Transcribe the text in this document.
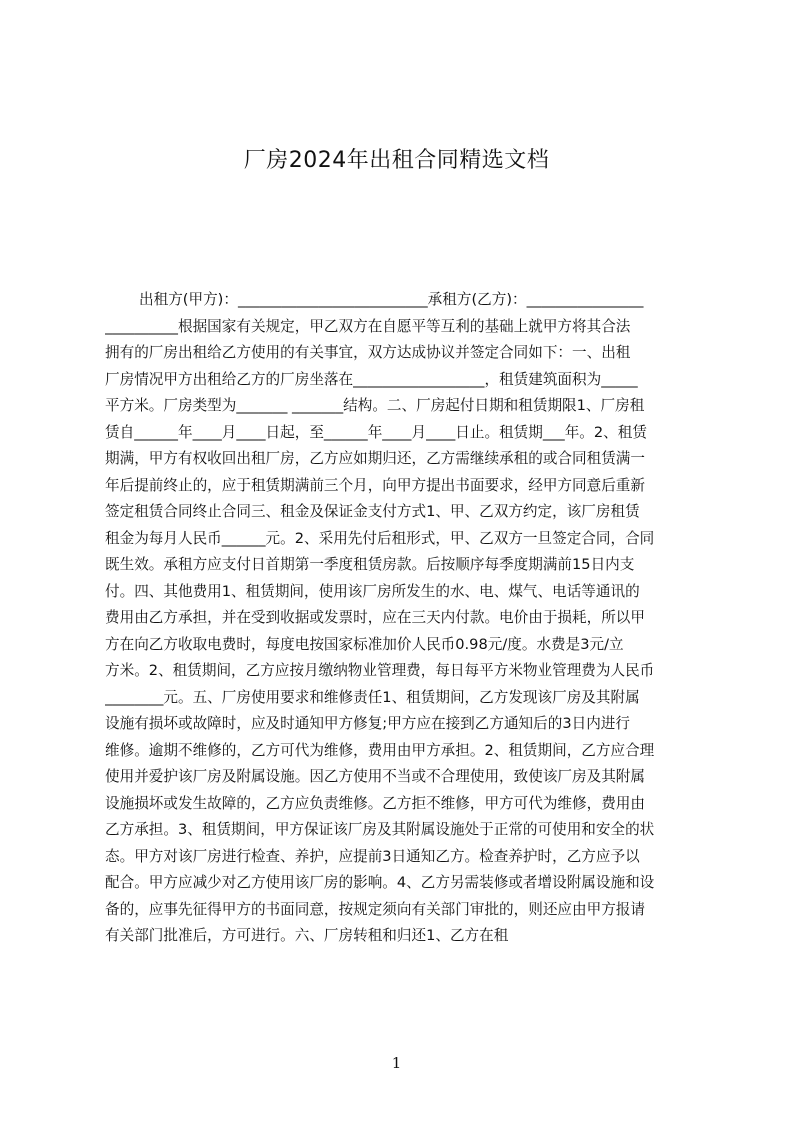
厂房2024年出租合同精选文档
出租方(甲方)：__________________________承租方(乙方)：________________
__________根据国家有关规定，甲乙双方在自愿平等互利的基础上就甲方将其合法
拥有的厂房出租给乙方使用的有关事宜，双方达成协议并签定合同如下：一、出租
厂房情况甲方出租给乙方的厂房坐落在__________________，租赁建筑面积为_____
平方米。厂房类型为_______ _______结构。二、厂房起付日期和租赁期限1、厂房租
赁自______年____月____日起，至______年____月____日止。租赁期___年。2、租赁
期满，甲方有权收回出租厂房，乙方应如期归还，乙方需继续承租的或合同租赁满一
年后提前终止的，应于租赁期满前三个月，向甲方提出书面要求，经甲方同意后重新
签定租赁合同终止合同三、租金及保证金支付方式1、甲、乙双方约定，该厂房租赁
租金为每月人民币______元。2、采用先付后租形式，甲、乙双方一旦签定合同，合同
既生效。承租方应支付日首期第一季度租赁房款。后按顺序每季度期满前15日内支
付。四、其他费用1、租赁期间，使用该厂房所发生的水、电、煤气、电话等通讯的
费用由乙方承担，并在受到收据或发票时，应在三天内付款。电价由于损耗，所以甲
方在向乙方收取电费时，每度电按国家标准加价人民币0.98元/度。水费是3元/立
方米。2、租赁期间，乙方应按月缴纳物业管理费，每日每平方米物业管理费为人民币
________元。五、厂房使用要求和维修责任1、租赁期间，乙方发现该厂房及其附属
设施有损坏或故障时，应及时通知甲方修复;甲方应在接到乙方通知后的3日内进行
维修。逾期不维修的，乙方可代为维修，费用由甲方承担。2、租赁期间，乙方应合理
使用并爱护该厂房及附属设施。因乙方使用不当或不合理使用，致使该厂房及其附属
设施损坏或发生故障的，乙方应负责维修。乙方拒不维修，甲方可代为维修，费用由
乙方承担。3、租赁期间，甲方保证该厂房及其附属设施处于正常的可使用和安全的状
态。甲方对该厂房进行检查、养护，应提前3日通知乙方。检查养护时，乙方应予以
配合。甲方应减少对乙方使用该厂房的影响。4、乙方另需装修或者增设附属设施和设
备的，应事先征得甲方的书面同意，按规定须向有关部门审批的，则还应由甲方报请
有关部门批准后，方可进行。六、厂房转租和归还1、乙方在租
1
